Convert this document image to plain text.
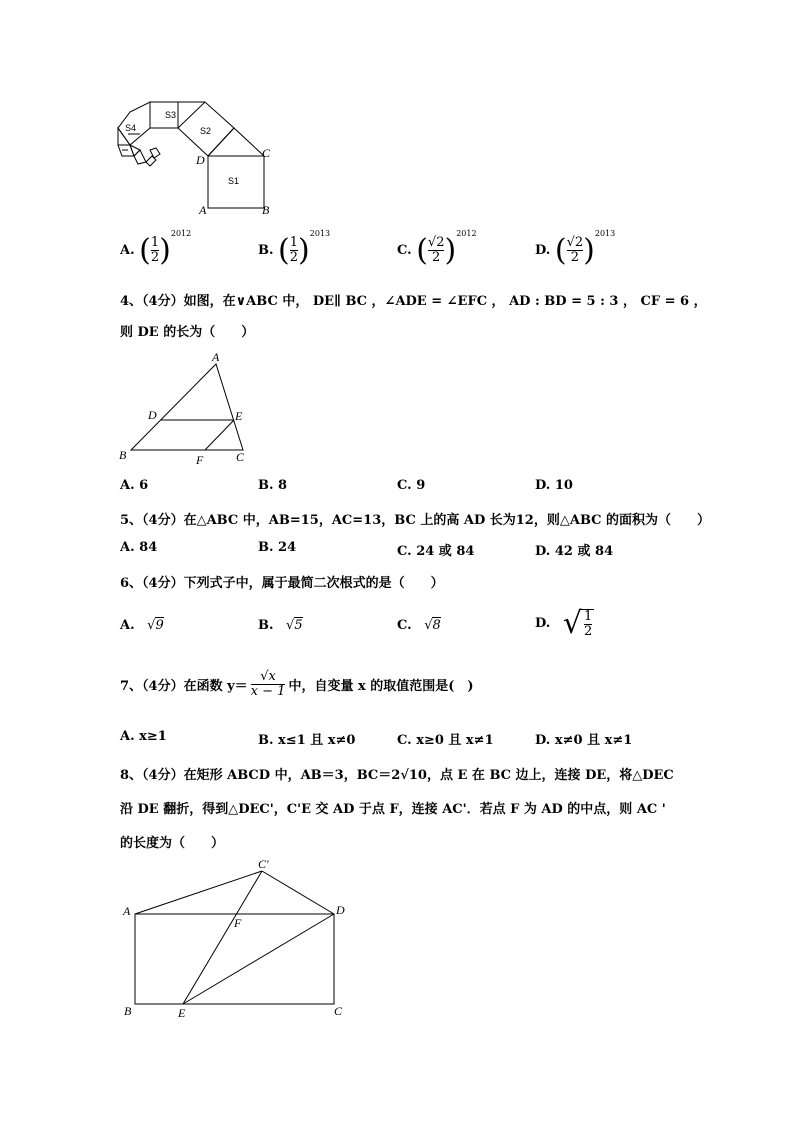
S3
S2
S4
S1
D	C
A	B
A. ( $\frac{1}{2} )^{2012}$
B. ( $\frac{1}{2} )^{2013}$
C. ( $\frac{√2}{2} )^{2012}$
D. ( $\frac{√2}{2} )^{2013}$
4、（4分）如图，在∨ABC 中， DE∥ BC ，∠ADE = ∠EFC ， AD : BD = 5 : 3 ， CF = 6 ，
则 DE 的长为（　　）
A
D	E
B	F	C
A. 6	B. 8	C. 9	D. 10
5、（4分）在△ABC 中，AB=15，AC=13，BC 上的高 AD 长为12，则△ABC 的面积为（　　）
A. 84	B. 24	C. 24 或 84	D. 42 或 84
6、（4分）下列式子中，属于最简二次根式的是（　　）
A. √9	B. √5	C. √8	D. √ $\frac{1}{2}$
7、（4分）在函数 $y= \frac{√x}{x - 1}$ 中，自变量 x 的取值范围是(　)
A. x≥1	B. x≤1 且 x≠0	C. x≥0 且 x≠1	D. x≠0 且 x≠1
8、（4分）在矩形 ABCD 中，AB＝3，BC＝2√10，点 E 在 BC 边上，连接 DE，将△DEC
沿 DE 翻折，得到△DEC'，C'E 交 AD 于点 F，连接 AC'．若点 F 为 AD 的中点，则 AC '
的长度为（　　）
C'
A	D
F
B	E	C
